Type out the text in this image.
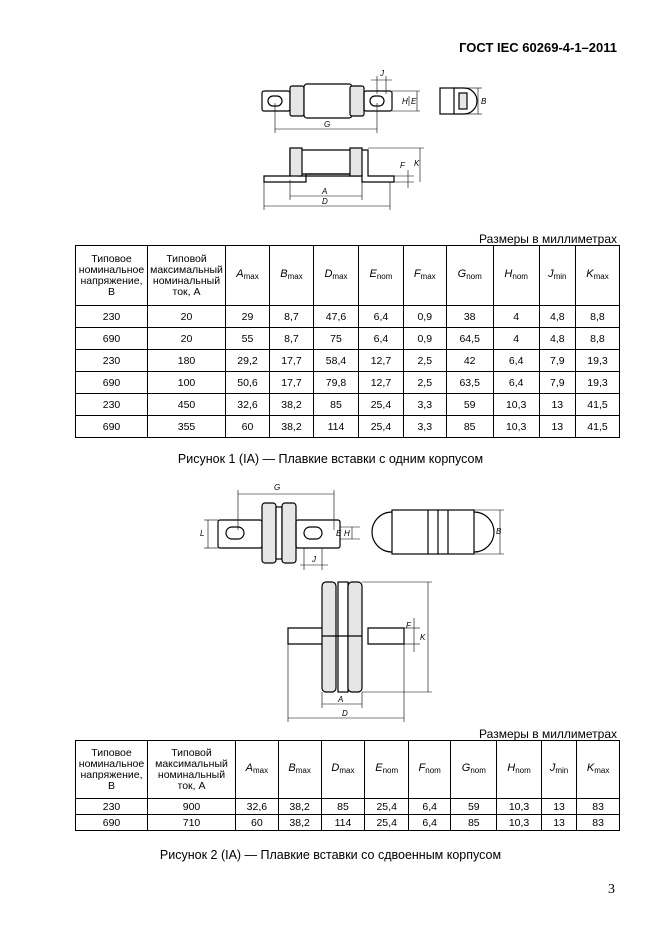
ГОСТ IEC 60269-4-1–2011
J
G
H E	B
F K
A
D
Размеры в миллиметрах
Типовое номинальное напряжение, В	Типовой максимальный номинальный ток, А	$A_{max}$	$B_{max}$	$D_{max}$	$E_{nom}$	$F_{max}$	$G_{nom}$	$H_{nom}$	$J_{min}$	$K_{max}$
230	20	29	8,7	47,6	6,4	0,9	38	4	4,8	8,8
690	20	55	8,7	75	6,4	0,9	64,5	4	4,8	8,8
230	180	29,2	17,7	58,4	12,7	2,5	42	6,4	7,9	19,3
690	100	50,6	17,7	79,8	12,7	2,5	63,5	6,4	7,9	19,3
230	450	32,6	38,2	85	25,4	3,3	59	10,3	13	41,5
690	355	60	38,2	114	25,4	3,3	85	10,3	13	41,5
Рисунок 1 (IA) — Плавкие вставки с одним корпусом
G
L	E H
J
B
F
K
A
D
Размеры в миллиметрах
Типовое номинальное напряжение, В	Типовой максимальный номинальный ток, А	$A_{max}$	$B_{max}$	$D_{max}$	$E_{nom}$	$F_{nom}$	$G_{nom}$	$H_{nom}$	$J_{min}$	$K_{max}$
230	900	32,6	38,2	85	25,4	6,4	59	10,3	13	83
690	710	60	38,2	114	25,4	6,4	85	10,3	13	83
Рисунок 2 (IA) — Плавкие вставки со сдвоенным корпусом
3
